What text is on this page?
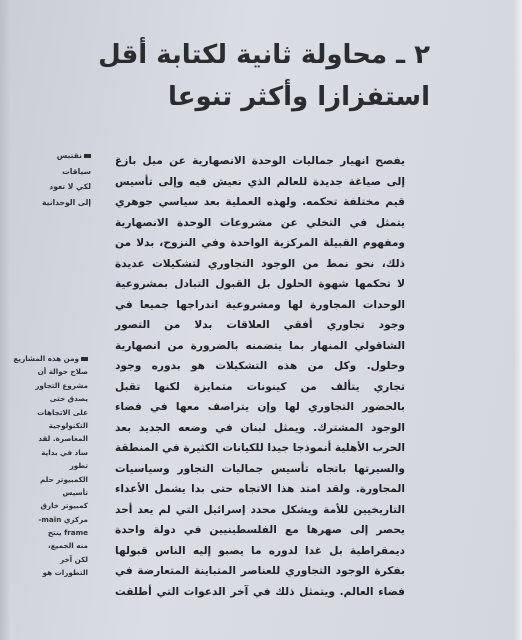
٢ ـ محاولة ثانية لكتابة أقل
استفزازا وأكثر تنوعا
نقتبس
سياقات
لكي لا تعود
إلى الوحدانية
يفصح انهيار جماليات الوحدة الانصهارية عن ميل بازغ
إلى صياغة جديدة للعالم الذي نعيش فيه وإلى تأسيس
قيم مختلفة تحكمه. ولهذه العملية بعد سياسي جوهري
يتمثل في التخلي عن مشروعات الوحدة الانصهارية
ومفهوم القبيلة المركزية الواحدة وفي النزوح، بدلا من
ذلك، نحو نمط من الوجود التجاوري لتشكيلات عديدة
لا تحكمها شهوة الحلول بل القبول التبادل بمشروعية
الوحدات المجاورة لها ومشروعية اندراجها جميعا في
وجود تجاوري أفقي العلاقات بدلا من التصور
الشاقولي المنهار بما يتضمنه بالضرورة من انصهارية
وحلول. وكل من هذه التشكيلات هو بدوره وجود
تجاري يتألف من كينونات متمايزة لكنها تقبل
بالحضور التجاوري لها وإن يتراصف معها في فضاء
الوجود المشترك. ويمثل لبنان في وضعه الجديد بعد
الحرب الأهلية أنموذجا جيدا للكيانات الكثيرة في المنطقة
والسيرتها باتجاه تأسيس جماليات التجاور وسياسيات
المجاورة. ولقد امتد هذا الاتجاه حتى بدا يشمل الأعداء
التاريخيين للأمة ويشكل محدد إسرائيل التي لم يعد أحد
يحصر إلى صهرها مع الفلسطينيين في دولة واحدة
ديمقراطية بل غدا لدوره ما يصبو إليه الناس قبولها
بفكرة الوجود التجاوري للعناصر المتباينة المتعارضة في
فضاء العالم. ويتمثل ذلك في آخر الدعوات التي أطلقت
ومن هذه المشاريع
صلاح حوالة أن
مشروع التجاور
يصدق حتى
على الاتجاهات
التكنولوجية
المعاصرة. لقد
ساد في بداية
تطور
الكمبيوتر حلم
تأسيس
كمبيوتر خارق
مركزي main-
frame ينتج
منه الجميع،
لكن آخر
التطورات هو
